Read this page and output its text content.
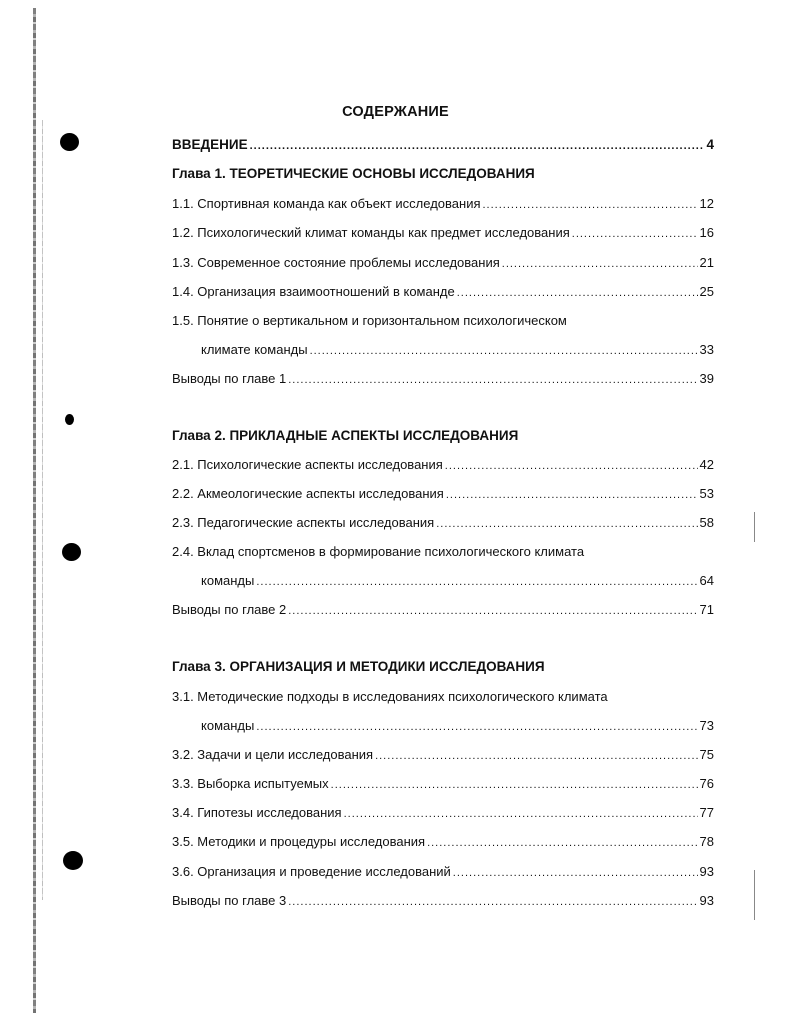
СОДЕРЖАНИЕ
ВВЕДЕНИЕ .....	4
Глава 1. ТЕОРЕТИЧЕСКИЕ ОСНОВЫ ИССЛЕДОВАНИЯ
1.1. Спортивная команда как объект исследования .....	12
1.2. Психологический климат команды как предмет исследования .....	16
1.3. Современное состояние проблемы исследования .....	21
1.4. Организация взаимоотношений в команде .....	25
1.5. Понятие о вертикальном и горизонтальном психологическом
климате команды .....	33
Выводы по главе 1 .....	39
Глава 2. ПРИКЛАДНЫЕ АСПЕКТЫ ИССЛЕДОВАНИЯ
2.1. Психологические аспекты исследования .....	42
2.2. Акмеологические аспекты исследования .....	53
2.3. Педагогические аспекты исследования .....	58
2.4. Вклад спортсменов в формирование психологического климата
команды .....	64
Выводы по главе 2 .....	71
Глава 3. ОРГАНИЗАЦИЯ И МЕТОДИКИ ИССЛЕДОВАНИЯ
3.1. Методические подходы в исследованиях психологического климата
команды .....	73
3.2. Задачи и цели исследования .....	75
3.3. Выборка испытуемых .....	76
3.4. Гипотезы исследования .....	77
3.5. Методики и процедуры исследования .....	78
3.6. Организация и проведение исследований .....	93
Выводы по главе 3 .....	93
